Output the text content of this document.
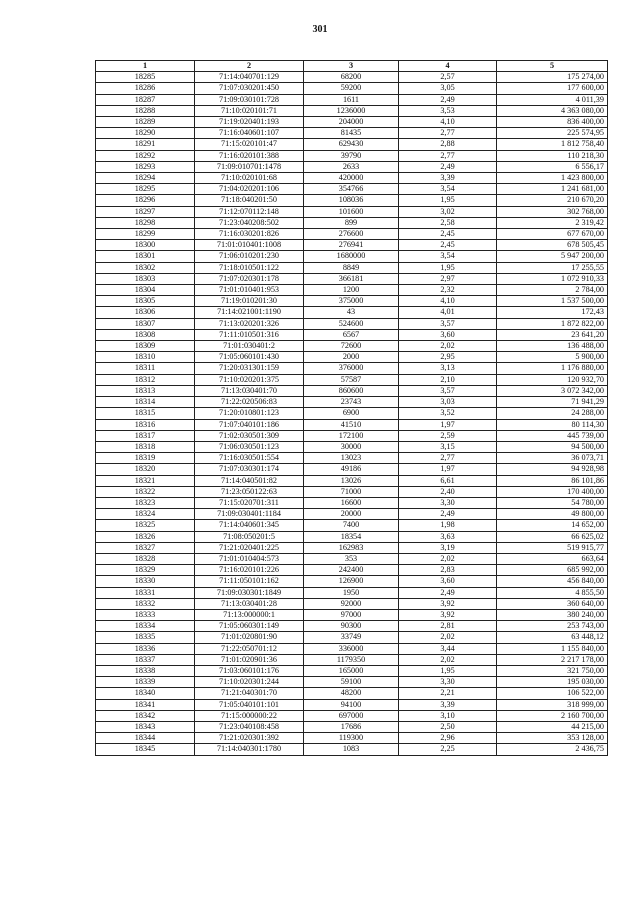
301
1	2	3	4	5
18285	71:14:040701:129	68200	2,57	175 274,00
18286	71:07:030201:450	59200	3,05	177 600,00
18287	71:09:030101:728	1611	2,49	4 011,39
18288	71:10:020101:71	1236000	3,53	4 363 080,00
18289	71:19:020401:193	204000	4,10	836 400,00
18290	71:16:040601:107	81435	2,77	225 574,95
18291	71:15:020101:47	629430	2,88	1 812 758,40
18292	71:16:020101:388	39790	2,77	110 218,30
18293	71:09:010701:1478	2633	2,49	6 556,17
18294	71:10:020101:68	420000	3,39	1 423 800,00
18295	71:04:020201:106	354766	3,54	1 241 681,00
18296	71:18:040201:50	108036	1,95	210 670,20
18297	71:12:070112:148	101600	3,02	302 768,00
18298	71:23:040208:502	899	2,58	2 319,42
18299	71:16:030201:826	276600	2,45	677 670,00
18300	71:01:010401:1008	276941	2,45	678 505,45
18301	71:06:010201:230	1680000	3,54	5 947 200,00
18302	71:18:010501:122	8849	1,95	17 255,55
18303	71:07:020301:178	366181	2,97	1 072 910,33
18304	71:01:010401:953	1200	2,32	2 784,00
18305	71:19:010201:30	375000	4,10	1 537 500,00
18306	71:14:021001:1190	43	4,01	172,43
18307	71:13:020201:326	524600	3,57	1 872 822,00
18308	71:11:010501:316	6567	3,60	23 641,20
18309	71:01:030401:2	72600	2,02	136 488,00
18310	71:05:060101:430	2000	2,95	5 900,00
18311	71:20:031301:159	376000	3,13	1 176 880,00
18312	71:10:020201:375	57587	2,10	120 932,70
18313	71:13:030401:70	860600	3,57	3 072 342,00
18314	71:22:020506:83	23743	3,03	71 941,29
18315	71:20:010801:123	6900	3,52	24 288,00
18316	71:07:040101:186	41510	1,97	80 114,30
18317	71:02:030501:309	172100	2,59	445 739,00
18318	71:06:030501:123	30000	3,15	94 500,00
18319	71:16:030501:554	13023	2,77	36 073,71
18320	71:07:030301:174	49186	1,97	94 928,98
18321	71:14:040501:82	13026	6,61	86 101,86
18322	71:23:050122:63	71000	2,40	170 400,00
18323	71:15:020701:311	16600	3,30	54 780,00
18324	71:09:030401:1184	20000	2,49	49 800,00
18325	71:14:040601:345	7400	1,98	14 652,00
18326	71:08:050201:5	18354	3,63	66 625,02
18327	71:21:020401:225	162983	3,19	519 915,77
18328	71:01:010404:573	353	2,02	663,64
18329	71:16:020101:226	242400	2,83	685 992,00
18330	71:11:050101:162	126900	3,60	456 840,00
18331	71:09:030301:1849	1950	2,49	4 855,50
18332	71:13:030401:28	92000	3,92	360 640,00
18333	71:13:000000:1	97000	3,92	380 240,00
18334	71:05:060301:149	90300	2,81	253 743,00
18335	71:01:020801:90	33749	2,02	63 448,12
18336	71:22:050701:12	336000	3,44	1 155 840,00
18337	71:01:020901:36	1179350	2,02	2 217 178,00
18338	71:03:060101:176	165000	1,95	321 750,00
18339	71:10:020301:244	59100	3,30	195 030,00
18340	71:21:040301:70	48200	2,21	106 522,00
18341	71:05:040101:101	94100	3,39	318 999,00
18342	71:15:000000:22	697000	3,10	2 160 700,00
18343	71:23:040108:458	17686	2,50	44 215,00
18344	71:21:020301:392	119300	2,96	353 128,00
18345	71:14:040301:1780	1083	2,25	2 436,75
